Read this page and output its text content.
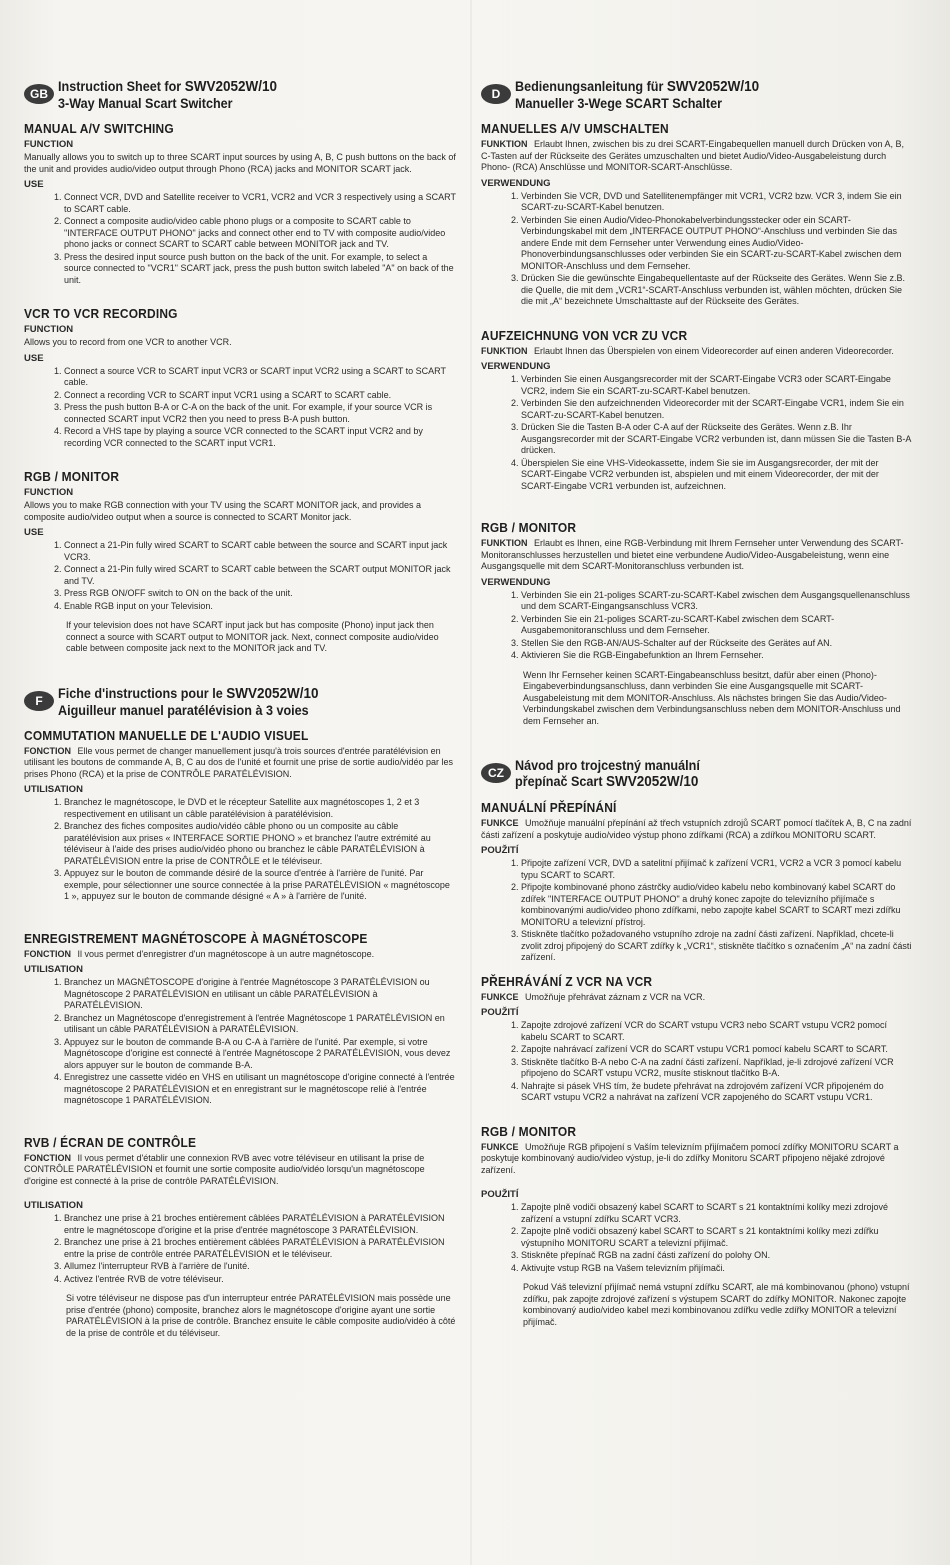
GB Instruction Sheet for SWV2052W/10
3-Way Manual Scart Switcher
MANUAL A/V SWITCHING
FUNCTION
Manually allows you to switch up to three SCART input sources by using A, B, C push buttons on the back of the unit and provides audio/video output through Phono (RCA) jacks and MONITOR SCART jack.
USE
1. Connect VCR, DVD and Satellite receiver to VCR1, VCR2 and VCR 3 respectively using a SCART to SCART cable.
2. Connect a composite audio/video cable phono plugs or a composite to SCART cable to "INTERFACE OUTPUT PHONO" jacks and connect other end to TV with composite audio/video phono jacks or connect SCART to SCART cable between MONITOR jack and TV.
3. Press the desired input source push button on the back of the unit. For example, to select a source connected to "VCR1" SCART jack, press the push button switch labeled "A" on back of the unit.
VCR TO VCR RECORDING
FUNCTION
Allows you to record from one VCR to another VCR.
USE
1. Connect a source VCR to SCART input VCR3 or SCART input VCR2 using a SCART to SCART cable.
2. Connect a recording VCR to SCART input VCR1 using a SCART to SCART cable.
3. Press the push button B-A or C-A on the back of the unit. For example, if your source VCR is connected SCART input VCR2 then you need to press B-A push button.
4. Record a VHS tape by playing a source VCR connected to the SCART input VCR2 and by recording VCR connected to the SCART input VCR1.
RGB / MONITOR
FUNCTION
Allows you to make RGB connection with your TV using the SCART MONITOR jack, and provides a composite audio/video output when a source is connected to SCART Monitor jack.
USE
1. Connect a 21-Pin fully wired SCART to SCART cable between the source and SCART input jack VCR3.
2. Connect a 21-Pin fully wired SCART to SCART cable between the SCART output MONITOR jack and TV.
3. Press RGB ON/OFF switch to ON on the back of the unit.
4. Enable RGB input on your Television.
If your television does not have SCART input jack but has composite (Phono) input jack then connect a source with SCART output to MONITOR jack. Next, connect composite audio/video cable between composite jack next to the MONITOR jack and TV.
F	Fiche d'instructions pour le SWV2052W/10
Aiguilleur manuel paratélévision à 3 voies
COMMUTATION MANUELLE DE L'AUDIO VISUEL
FONCTION Elle vous permet de changer manuellement jusqu'à trois sources d'entrée paratélévision en utilisant les boutons de commande A, B, C au dos de l'unité et fournit une prise de sortie audio/vidéo par les prises Phono (RCA) et la prise de CONTRÔLE PARATÉLÉVISION.
UTILISATION
1. Branchez le magnétoscope, le DVD et le récepteur Satellite aux magnétoscopes 1, 2 et 3 respectivement en utilisant un câble paratélévision à paratélévision.
2. Branchez des fiches composites audio/vidéo câble phono ou un composite au câble paratélévision aux prises « INTERFACE SORTIE PHONO » et branchez l'autre extrémité au téléviseur à l'aide des prises audio/vidéo phono ou branchez le câble PARATÉLÉVISION à PARATÉLÉVISION entre la prise de CONTRÔLE et le téléviseur.
3. Appuyez sur le bouton de commande désiré de la source d'entrée à l'arrière de l'unité. Par exemple, pour sélectionner une source connectée à la prise PARATÉLÉVISION « magnétoscope 1 », appuyez sur le bouton de commande désigné « A » à l'arrière de l'unité.
ENREGISTREMENT MAGNÉTOSCOPE À MAGNÉTOSCOPE
FONCTION Il vous permet d'enregistrer d'un magnétoscope à un autre magnétoscope.
UTILISATION
1. Branchez un MAGNÉTOSCOPE d'origine à l'entrée Magnétoscope 3 PARATÉLÉVISION ou Magnétoscope 2 PARATÉLÉVISION en utilisant un câble PARATÉLÉVISION à PARATÉLÉVISION.
2. Branchez un Magnétoscope d'enregistrement à l'entrée Magnétoscope 1 PARATÉLÉVISION en utilisant un câble PARATÉLÉVISION à PARATÉLÉVISION.
3. Appuyez sur le bouton de commande B-A ou C-A à l'arrière de l'unité. Par exemple, si votre Magnétoscope d'origine est connecté à l'entrée Magnétoscope 2 PARATÉLÉVISION, vous devez alors appuyer sur le bouton de commande B-A.
4. Enregistrez une cassette vidéo en VHS en utilisant un magnétoscope d'origine connecté à l'entrée magnétoscope 2 PARATÉLÉVISION et en enregistrant sur le magnétoscope relié à l'entrée magnétoscope 1 PARATÉLÉVISION.
RVB / ÉCRAN DE CONTRÔLE
FONCTION Il vous permet d'établir une connexion RVB avec votre téléviseur en utilisant la prise de CONTRÔLE PARATÉLÉVISION et fournit une sortie composite audio/vidéo lorsqu'un magnétoscope d'origine est connecté à la prise de contrôle PARATÉLÉVISION.
UTILISATION
1. Branchez une prise à 21 broches entièrement câblées PARATÉLÉVISION à PARATÉLÉVISION entre le magnétoscope d'origine et la prise d'entrée magnétoscope 3 PARATÉLÉVISION.
2. Branchez une prise à 21 broches entièrement câblées PARATÉLÉVISION à PARATÉLÉVISION entre la prise de contrôle entrée PARATÉLÉVISION et le téléviseur.
3. Allumez l'interrupteur RVB à l'arrière de l'unité.
4. Activez l'entrée RVB de votre téléviseur.
Si votre téléviseur ne dispose pas d'un interrupteur entrée PARATÉLÉVISION mais possède une prise d'entrée (phono) composite, branchez alors le magnétoscope d'origine ayant une sortie PARATÉLÉVISION à la prise de contrôle. Branchez ensuite le câble composite audio/vidéo à côté de la prise de contrôle et du téléviseur.
D	Bedienungsanleitung für SWV2052W/10
Manueller 3-Wege SCART Schalter
MANUELLES A/V UMSCHALTEN
FUNKTION Erlaubt Ihnen, zwischen bis zu drei SCART-Eingabequellen manuell durch Drücken von A, B, C-Tasten auf der Rückseite des Gerätes umzuschalten und bietet Audio/Video-Ausgabeleistung durch Phono- (RCA) Anschlüsse und MONITOR-SCART-Anschlüsse.
VERWENDUNG
1. Verbinden Sie VCR, DVD und Satellitenempfänger mit VCR1, VCR2 bzw. VCR 3, indem Sie ein SCART-zu-SCART-Kabel benutzen.
2. Verbinden Sie einen Audio/Video-Phonokabelverbindungsstecker oder ein SCART-Verbindungskabel mit dem „INTERFACE OUTPUT PHONO“-Anschluss und verbinden Sie das andere Ende mit dem Fernseher unter Verwendung eines Audio/Video-Phonoverbindungsanschlusses oder verbinden Sie ein SCART-zu-SCART-Kabel zwischen dem MONITOR-Anschluss und dem Fernseher.
3. Drücken Sie die gewünschte Eingabequellentaste auf der Rückseite des Gerätes. Wenn Sie z.B. die Quelle, die mit dem „VCR1“-SCART-Anschluss verbunden ist, wählen möchten, drücken Sie die mit „A“ bezeichnete Umschalttaste auf der Rückseite des Gerätes.
AUFZEICHNUNG VON VCR ZU VCR
FUNKTION Erlaubt Ihnen das Überspielen von einem Videorecorder auf einen anderen Videorecorder.
VERWENDUNG
1. Verbinden Sie einen Ausgangsrecorder mit der SCART-Eingabe VCR3 oder SCART-Eingabe VCR2, indem Sie ein SCART-zu-SCART-Kabel benutzen.
2. Verbinden Sie den aufzeichnenden Videorecorder mit der SCART-Eingabe VCR1, indem Sie ein SCART-zu-SCART-Kabel benutzen.
3. Drücken Sie die Tasten B-A oder C-A auf der Rückseite des Gerätes. Wenn z.B. Ihr Ausgangsrecorder mit der SCART-Eingabe VCR2 verbunden ist, dann müssen Sie die Tasten B-A drücken.
4. Überspielen Sie eine VHS-Videokassette, indem Sie sie im Ausgangsrecorder, der mit der SCART-Eingabe VCR2 verbunden ist, abspielen und mit einem Videorecorder, der mit der SCART-Eingabe VCR1 verbunden ist, aufzeichnen.
RGB / MONITOR
FUNKTION Erlaubt es Ihnen, eine RGB-Verbindung mit Ihrem Fernseher unter Verwendung des SCART-Monitoranschlusses herzustellen und bietet eine verbundene Audio/Video-Ausgabeleistung, wenn eine Ausgangsquelle mit dem SCART-Monitoranschluss verbunden ist.
VERWENDUNG
1. Verbinden Sie ein 21-poliges SCART-zu-SCART-Kabel zwischen dem Ausgangsquellenanschluss und dem SCART-Eingangsanschluss VCR3.
2. Verbinden Sie ein 21-poliges SCART-zu-SCART-Kabel zwischen dem SCART-Ausgabemonitoranschluss und dem Fernseher.
3. Stellen Sie den RGB-AN/AUS-Schalter auf der Rückseite des Gerätes auf AN.
4. Aktivieren Sie die RGB-Eingabefunktion an Ihrem Fernseher.
Wenn Ihr Fernseher keinen SCART-Eingabeanschluss besitzt, dafür aber einen (Phono)-Eingabeverbindungsanschluss, dann verbinden Sie eine Ausgangsquelle mit SCART-Ausgabeleistung mit dem MONITOR-Anschluss. Als nächstes bringen Sie das Audio/Video-Verbindungskabel zwischen dem Verbindungsanschluss neben dem MONITOR-Anschluss und dem Fernseher an.
CZ Návod pro trojcestný manuální
přepínač Scart SWV2052W/10
MANUÁLNÍ PŘEPÍNÁNÍ
FUNKCE Umožňuje manuální přepínání až třech vstupních zdrojů SCART pomocí tlačítek A, B, C na zadní části zařízení a poskytuje audio/video výstup phono zdířkami (RCA) a zdířkou MONITORU SCART.
POUŽITÍ
1. Připojte zařízení VCR, DVD a satelitní přijímač k zařízení VCR1, VCR2 a VCR 3 pomocí kabelu typu SCART to SCART.
2. Připojte kombinované phono zástrčky audio/video kabelu nebo kombinovaný kabel SCART do zdířek "INTERFACE OUTPUT PHONO" a druhý konec zapojte do televizního přijímače s kombinovanými audio/video phono zdířkami, nebo zapojte kabel SCART to SCART mezi zdířku MONITORU a televizní přístroj.
3. Stiskněte tlačítko požadovaného vstupního zdroje na zadní části zařízení. Například, chcete-li zvolit zdroj připojený do SCART zdířky k „VCR1“, stiskněte tlačítko s označením „A“ na zadní části zařízení.
PŘEHRÁVÁNÍ Z VCR NA VCR
FUNKCE Umožňuje přehrávat záznam z VCR na VCR.
POUŽITÍ
1. Zapojte zdrojové zařízení VCR do SCART vstupu VCR3 nebo SCART vstupu VCR2 pomocí kabelu SCART to SCART.
2. Zapojte nahrávací zařízení VCR do SCART vstupu VCR1 pomocí kabelu SCART to SCART.
3. Stiskněte tlačítko B-A nebo C-A na zadní části zařízení. Například, je-li zdrojové zařízení VCR připojeno do SCART vstupu VCR2, musíte stisknout tlačítko B-A.
4. Nahrajte si pásek VHS tím, že budete přehrávat na zdrojovém zařízení VCR připojeném do SCART vstupu VCR2 a nahrávat na zařízení VCR zapojeného do SCART vstupu VCR1.
RGB / MONITOR
FUNKCE Umožňuje RGB připojení s Vaším televizním přijímačem pomocí zdířky MONITORU SCART a poskytuje kombinovaný audio/video výstup, je-li do zdířky Monitoru SCART připojeno nějaké zdrojové zařízení.
POUŽITÍ
1. Zapojte plně vodiči obsazený kabel SCART to SCART s 21 kontaktními kolíky mezi zdrojové zařízení a vstupní zdířku SCART VCR3.
2. Zapojte plně vodiči obsazený kabel SCART to SCART s 21 kontaktními kolíky mezi zdířku výstupního MONITORU SCART a televizní přijímač.
3. Stiskněte přepínač RGB na zadní části zařízení do polohy ON.
4. Aktivujte vstup RGB na Vašem televizním přijímači.
Pokud Váš televizní přijímač nemá vstupní zdířku SCART, ale má kombinovanou (phono) vstupní zdířku, pak zapojte zdrojové zařízení s výstupem SCART do zdířky MONITOR. Nakonec zapojte kombinovaný audio/video kabel mezi kombinovanou zdířku vedle zdířky MONITOR a televizní přijímač.
